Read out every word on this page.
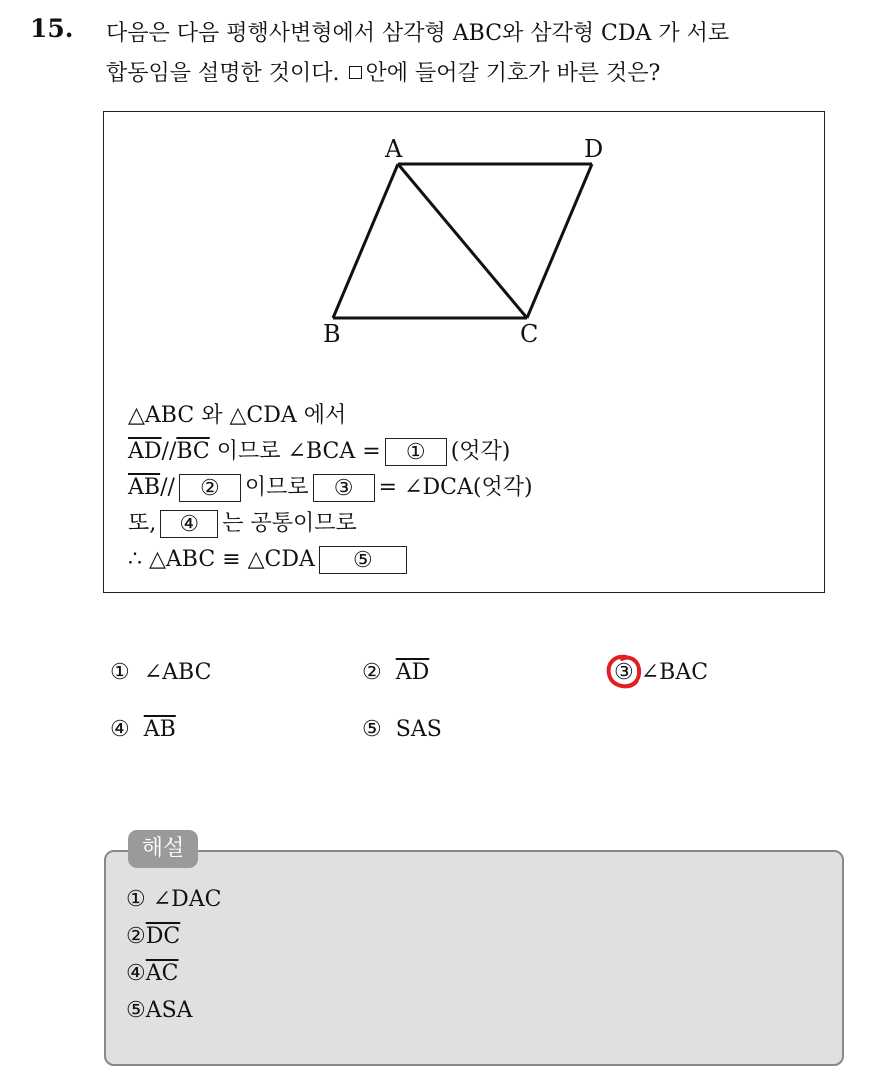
15. 다음은 다음 평행사변형에서 삼각형 ABC와 삼각형 CDA 가 서로
합동임을 설명한 것이다. 안에 들어갈 기호가 바른 것은?
A	D
B	C
△ABC 와 △CDA 에서
$\overline{AD}//\overline{BC}$ 이므로 ∠BCA = ① (엇각)
$\overline{AB}//$ ② 이므로 ③ = ∠DCA(엇각)
또, ④ 는 공통이므로
∴ △ABC ≡ △CDA ⑤
① ∠ABC	② $\overline{AD}$	③ ∠BAC
④ $\overline{AB}$	⑤ SAS
해설
① ∠DAC
$②\overline{DC}$
$④\overline{AC}$
⑤ASA
